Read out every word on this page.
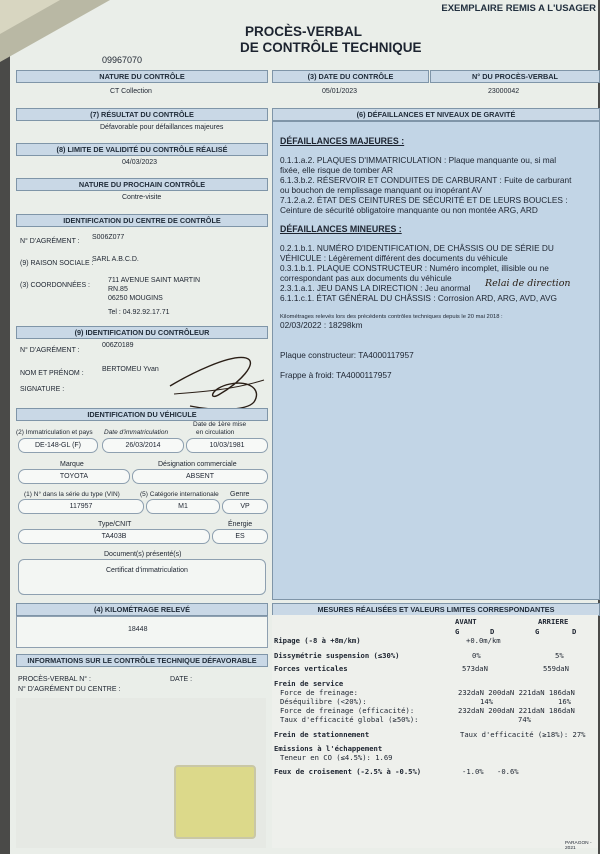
EXEMPLAIRE REMIS A L'USAGER
PROCÈS-VERBAL
DE CONTRÔLE TECHNIQUE
09967070
NATURE DU CONTRÔLE
CT Collection
(3) DATE DU CONTRÔLE
05/01/2023
N° DU PROCÈS-VERBAL
23000042
(7) RÉSULTAT DU CONTRÔLE
Défavorable pour défaillances majeures
(8) LIMITE DE VALIDITÉ DU CONTRÔLE RÉALISÉ
04/03/2023
NATURE DU PROCHAIN CONTRÔLE
Contre-visite
IDENTIFICATION DU CENTRE DE CONTRÔLE
N° D'AGRÉMENT :
S006Z077
(9) RAISON SOCIALE :
SARL A.B.C.D.
(3) COORDONNÉES :
711 AVENUE SAINT MARTIN
RN.85
06250 MOUGINS
Tel : 04.92.92.17.71
(9) IDENTIFICATION DU CONTRÔLEUR
N° D'AGRÉMENT :
006Z0189
NOM ET PRÉNOM :
BERTOMEU Yvan
SIGNATURE :
IDENTIFICATION DU VÉHICULE
(2) Immatriculation et pays
DE-148-GL (F)
Date d'immatriculation
26/03/2014
Date de 1ère mise
en circulation
10/03/1981
Marque
TOYOTA
Désignation commerciale
ABSENT
(1) N° dans la série du type (VIN)
117957
(5) Catégorie internationale
M1
Genre
VP
Type/CNIT
TA403B
Énergie
ES
Document(s) présenté(s)
Certificat d'immatriculation
(6) DÉFAILLANCES ET NIVEAUX DE GRAVITÉ
DÉFAILLANCES MAJEURES :
0.1.1.a.2. PLAQUES D'IMMATRICULATION : Plaque manquante ou, si mal
fixée, elle risque de tomber AR
6.1.3.b.2. RÉSERVOIR ET CONDUITES DE CARBURANT : Fuite de carburant
ou bouchon de remplissage manquant ou inopérant AV
7.1.2.a.2. ÉTAT DES CEINTURES DE SÉCURITÉ ET DE LEURS BOUCLES :
Ceinture de sécurité obligatoire manquante ou non montée ARG, ARD
DÉFAILLANCES MINEURES :
0.2.1.b.1. NUMÉRO D'IDENTIFICATION, DE CHÂSSIS OU DE SÉRIE DU
VÉHICULE : Légèrement différent des documents du véhicule
0.3.1.b.1. PLAQUE CONSTRUCTEUR : Numéro incomplet, illisible ou ne
correspondant pas aux documents du véhicule
2.3.1.a.1. JEU DANS LA DIRECTION : Jeu anormal
6.1.1.c.1. ÉTAT GÉNÉRAL DU CHÂSSIS : Corrosion ARD, ARG, AVD, AVG
Relai de direction
Kilométrages relevés lors des précédents contrôles techniques depuis le 20 mai 2018 :
02/03/2022 : 18298km
Plaque constructeur: TA4000117957
Frappe à froid: TA4000117957
(4) KILOMÉTRAGE RELEVÉ
18448
INFORMATIONS SUR LE CONTRÔLE TECHNIQUE DÉFAVORABLE
PROCÈS-VERBAL N° :	DATE :
N° D'AGRÉMENT DU CENTRE :
MESURES RÉALISÉES ET VALEURS LIMITES CORRESPONDANTES
AVANT	ARRIERE
G	D	G	D
Ripage (-8 à +8m/km)	+0.0m/km
Dissymétrie suspension (≤30%)	0%	5%
Forces verticales	573daN	559daN
Frein de service
Force de freinage:	232daN 200daN 221daN 186daN
Déséquilibre (<20%):	14%	16%
Force de freinage (efficacité):	232daN 200daN 221daN 186daN
Taux d'efficacité global (≥50%):	74%
Frein de stationnement	Taux d'efficacité (≥18%): 27%
Emissions à l'échappement
Teneur en CO (≤4.5%): 1.69
Feux de croisement (-2.5% à -0.5%)	-1.0% -0.6%
PARAGON - 2021
